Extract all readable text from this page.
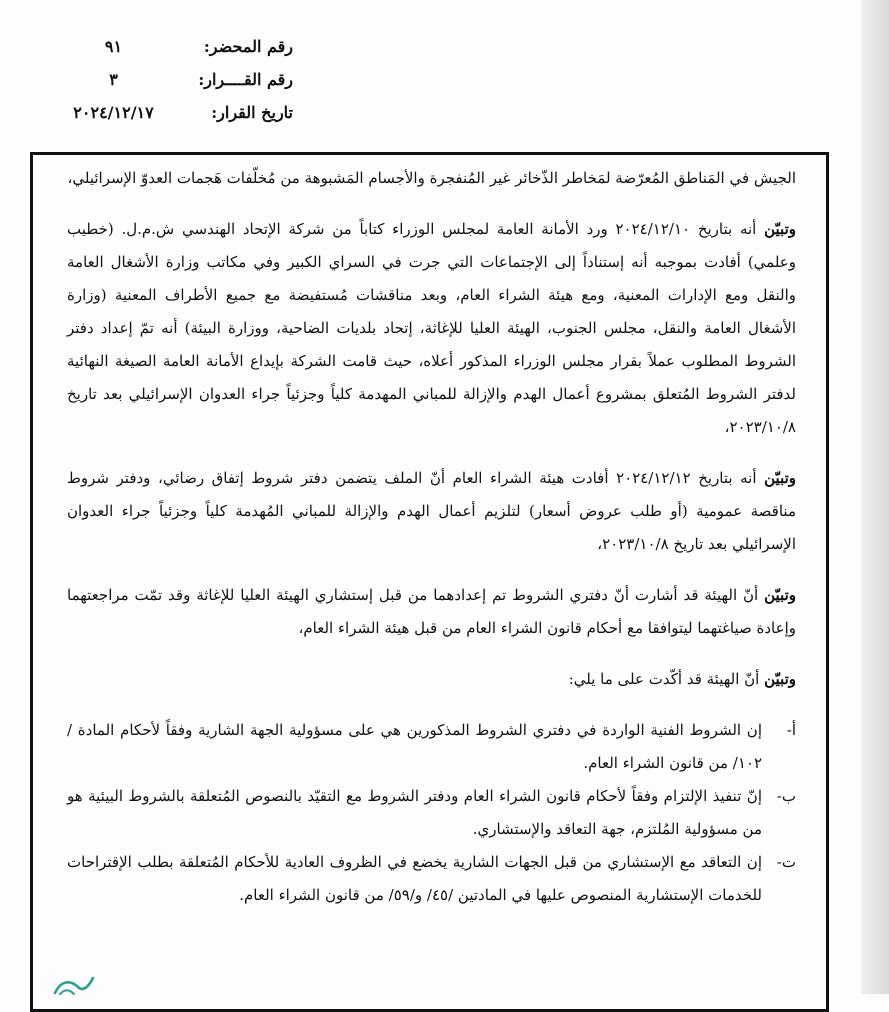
رقم المحضر:
٩١
رقم القــــرار:
٣
تاريخ القرار:
٢٠٢٤/١٢/١٧

الجيش في المَناطق المُعرّضة لمَخاطر الذّخائر غير المُنفجرة والأجسام المَشبوهة من مُخلّفات هَجمات العدوّ الإسرائيلي،

وتبيّن أنه بتاريخ ٢٠٢٤/١٢/١٠ ورد الأمانة العامة لمجلس الوزراء كتاباً من شركة الإتحاد الهندسي ش.م.ل. (خطيب وعلمي) أفادت بموجبه أنه إستناداً إلى الإجتماعات التي جرت في السراي الكبير وفي مكاتب وزارة الأشغال العامة والنقل ومع الإدارات المعنية، ومع هيئة الشراء العام، وبعد مناقشات مُستفيضة مع جميع الأطراف المعنية (وزارة الأشغال العامة والنقل، مجلس الجنوب، الهيئة العليا للإغاثة، إتحاد بلديات الضاحية، ووزارة البيئة) أنه تمّ إعداد دفتر الشروط المطلوب عملاً بقرار مجلس الوزراء المذكور أعلاه، حيث قامت الشركة بإيداع الأمانة العامة الصيغة النهائية لدفتر الشروط المُتعلق بمشروع أعمال الهدم والإزالة للمباني المهدمة كلياً وجزئياً جراء العدوان الإسرائيلي بعد تاريخ ٢٠٢٣/١٠/٨،

وتبيّن أنه بتاريخ ٢٠٢٤/١٢/١٢ أفادت هيئة الشراء العام أنّ الملف يتضمن دفتر شروط إتفاق رضائي، ودفتر شروط مناقصة عمومية (أو طلب عروض أسعار) لتلزيم أعمال الهدم والإزالة للمباني المُهدمة كلياً وجزئياً جراء العدوان الإسرائيلي بعد تاريخ ٢٠٢٣/١٠/٨،

وتبيّن أنّ الهيئة قد أشارت أنّ دفتري الشروط تم إعدادهما من قبل إستشاري الهيئة العليا للإغاثة وقد تمّت مراجعتهما وإعادة صياغتهما ليتوافقا مع أحكام قانون الشراء العام من قبل هيئة الشراء العام،

وتبيّن أنّ الهيئة قد أكّدت على ما يلي:

أ-
إن الشروط الفنية الواردة في دفتري الشروط المذكورين هي على مسؤولية الجهة الشارية وفقاً لأحكام المادة /١٠٢/ من قانون الشراء العام.
ب-
إنّ تنفيذ الإلتزام وفقاً لأحكام قانون الشراء العام ودفتر الشروط مع التقيّد بالنصوص المُتعلقة بالشروط البيئية هو من مسؤولية المُلتزم، جهة التعاقد والإستشاري.
ت-
إن التعاقد مع الإستشاري من قبل الجهات الشارية يخضع في الظروف العادية للأحكام المُتعلقة بطلب الإقتراحات للخدمات الإستشارية المنصوص عليها في المادتين /٤٥/ و/٥٩/ من قانون الشراء العام.
